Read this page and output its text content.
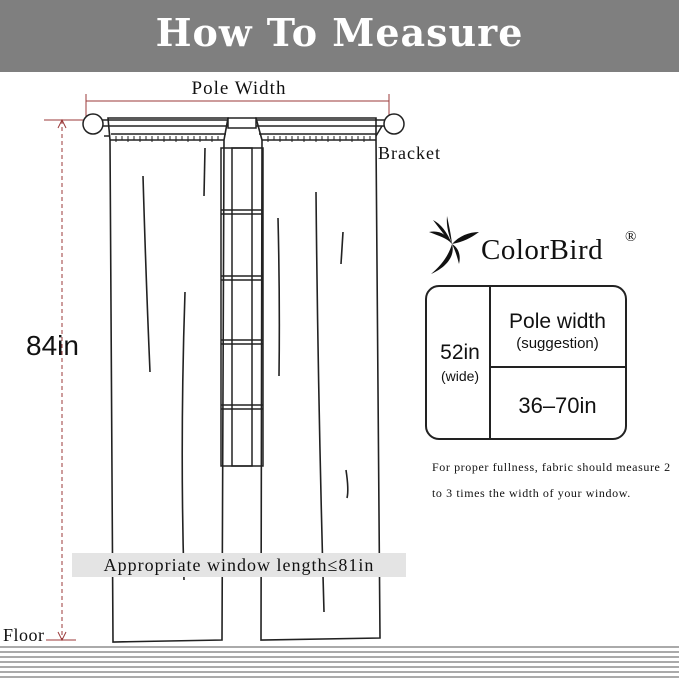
How To Measure
Pole Width
Bracket
84in
Floor
Appropriate window length≤81in
ColorBird ®
52in
(wide)
Pole width
(suggestion)
36–70in
For proper fullness, fabric should measure 2 to 3 times the width of your window.
